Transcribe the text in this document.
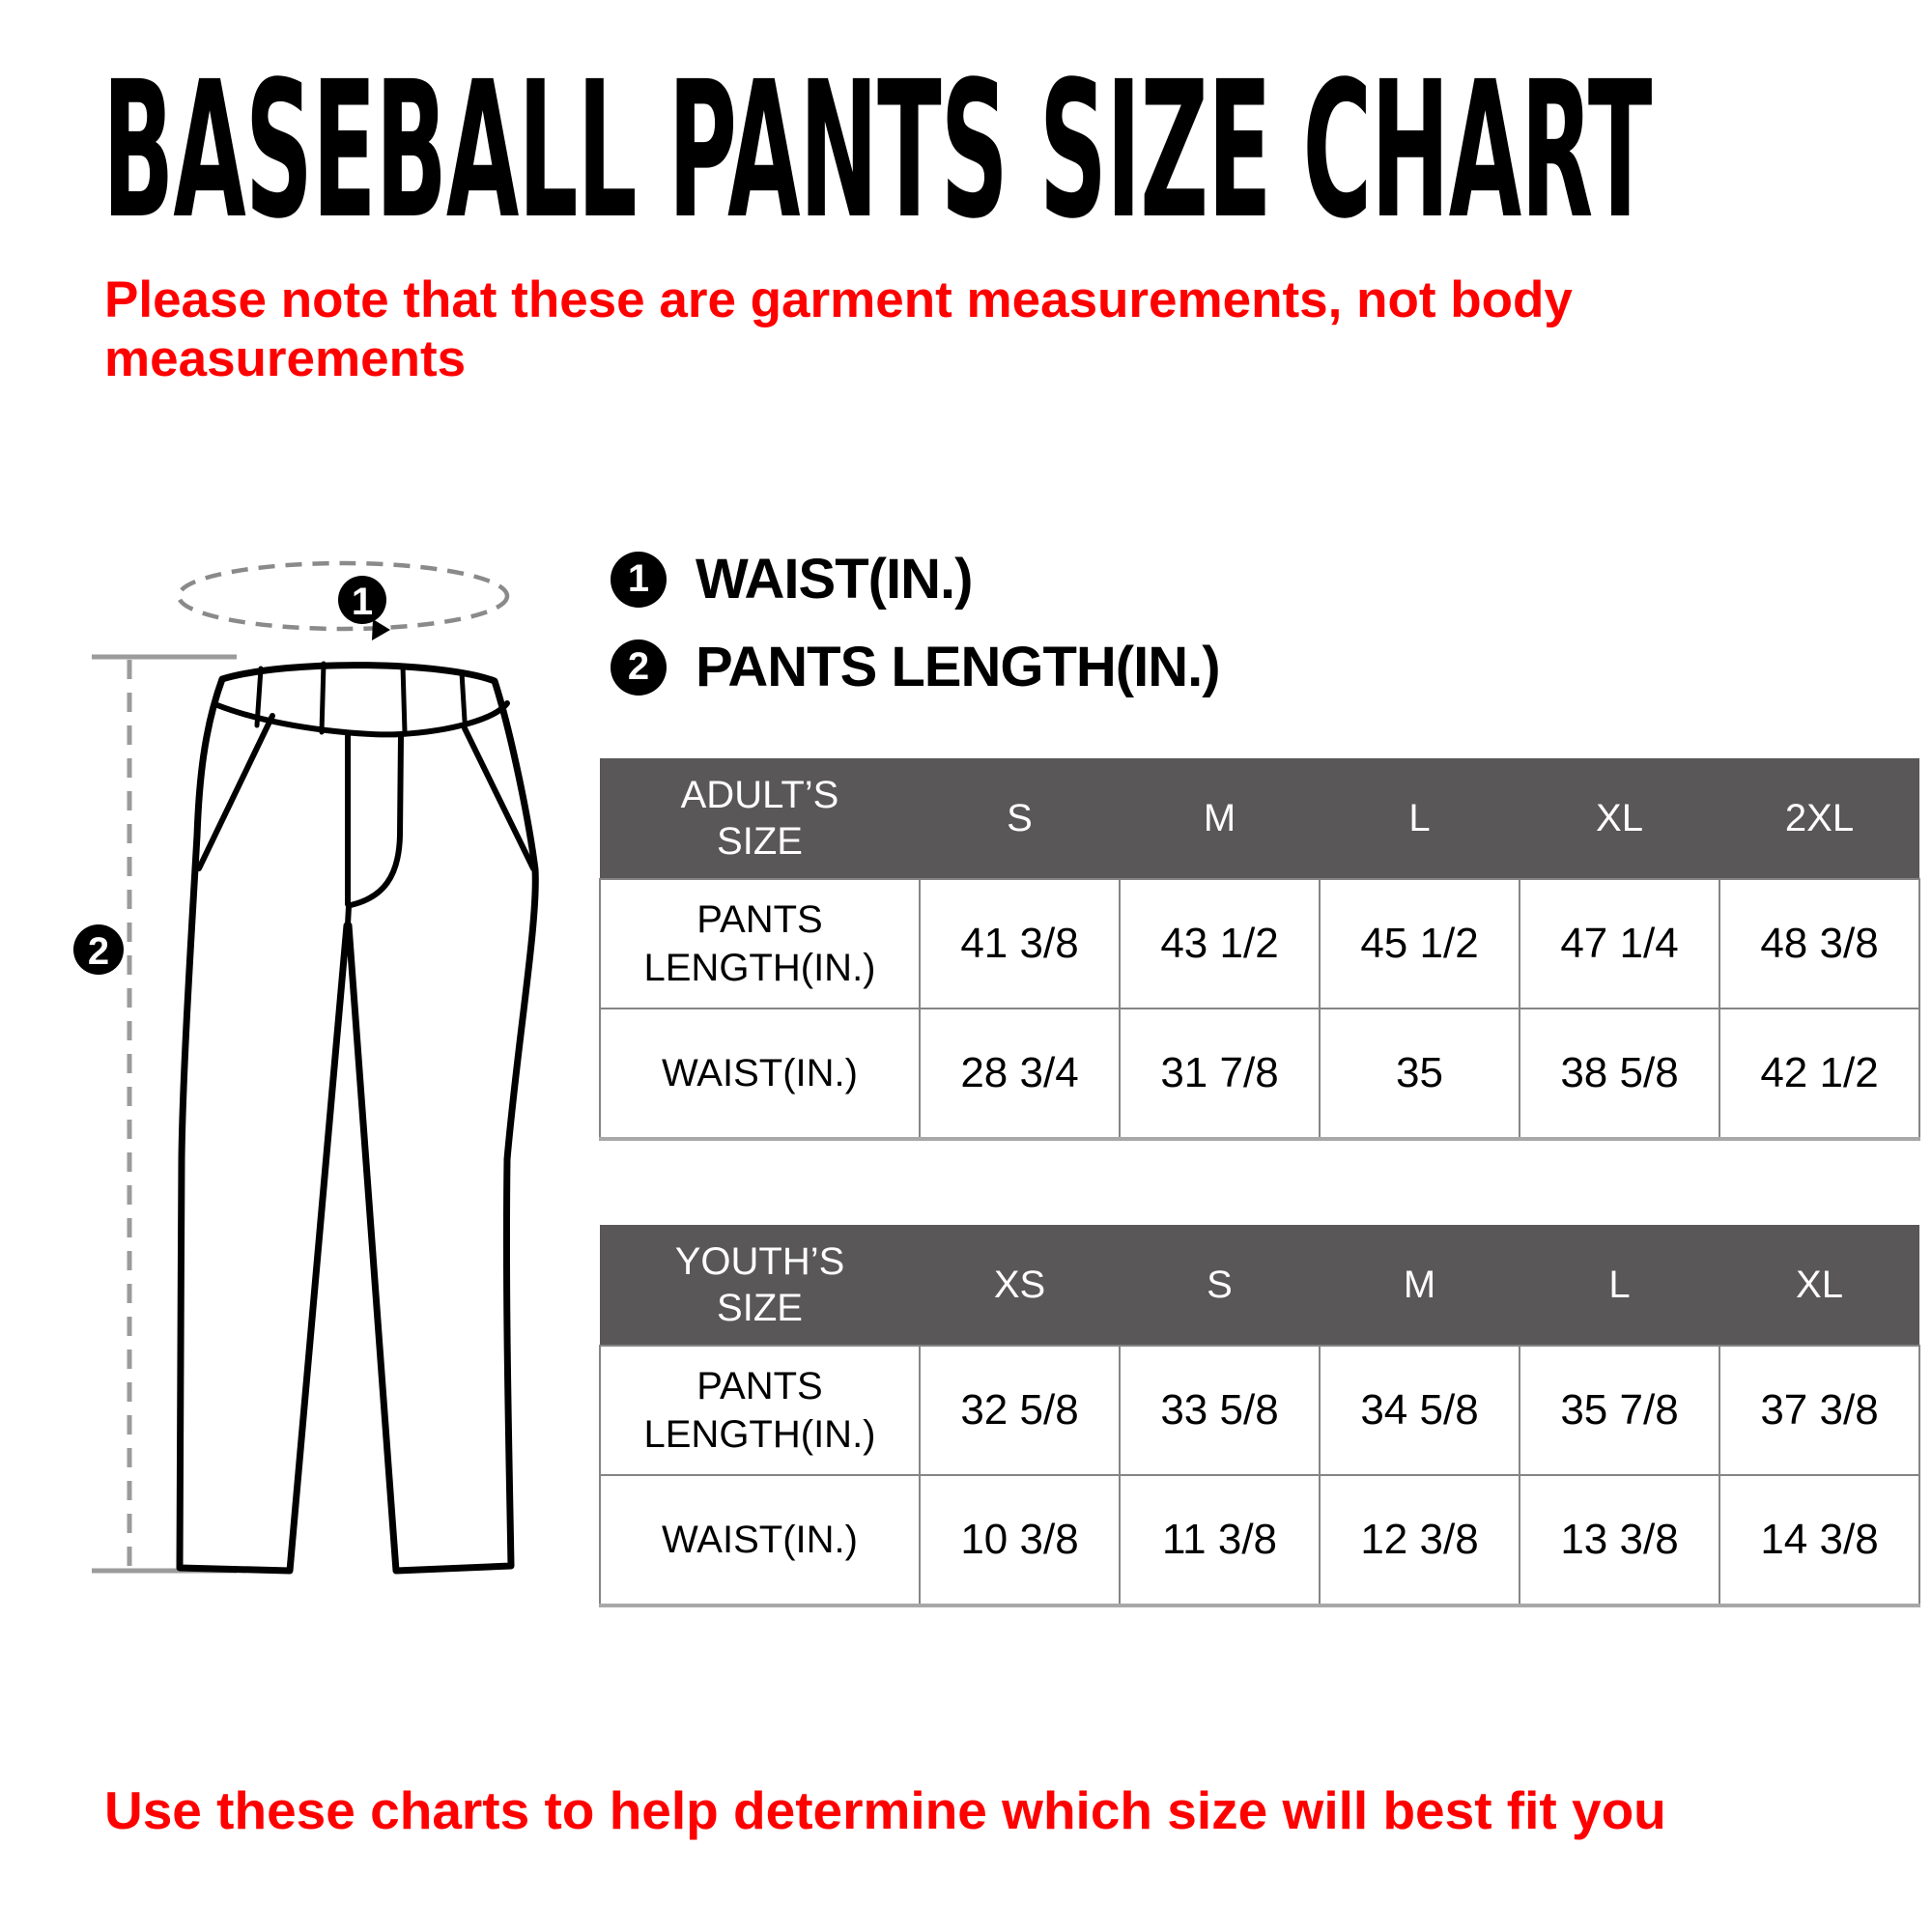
BASEBALL PANTS SIZE CHART

Please note that these are garment measurements, not body measurements

1
2
1 WAIST(IN.)
2 PANTS LENGTH(IN.)
ADULT’S SIZE	S	M	L	XL	2XL
PANTS LENGTH(IN.)	41 3/8	43 1/2	45 1/2	47 1/4	48 3/8
WAIST(IN.)	28 3/4	31 7/8	35	38 5/8	42 1/2
YOUTH’S SIZE	XS	S	M	L	XL
PANTS LENGTH(IN.)	32 5/8	33 5/8	34 5/8	35 7/8	37 3/8
WAIST(IN.)	10 3/8	11 3/8	12 3/8	13 3/8	14 3/8

Use these charts to help determine which size will best fit you
